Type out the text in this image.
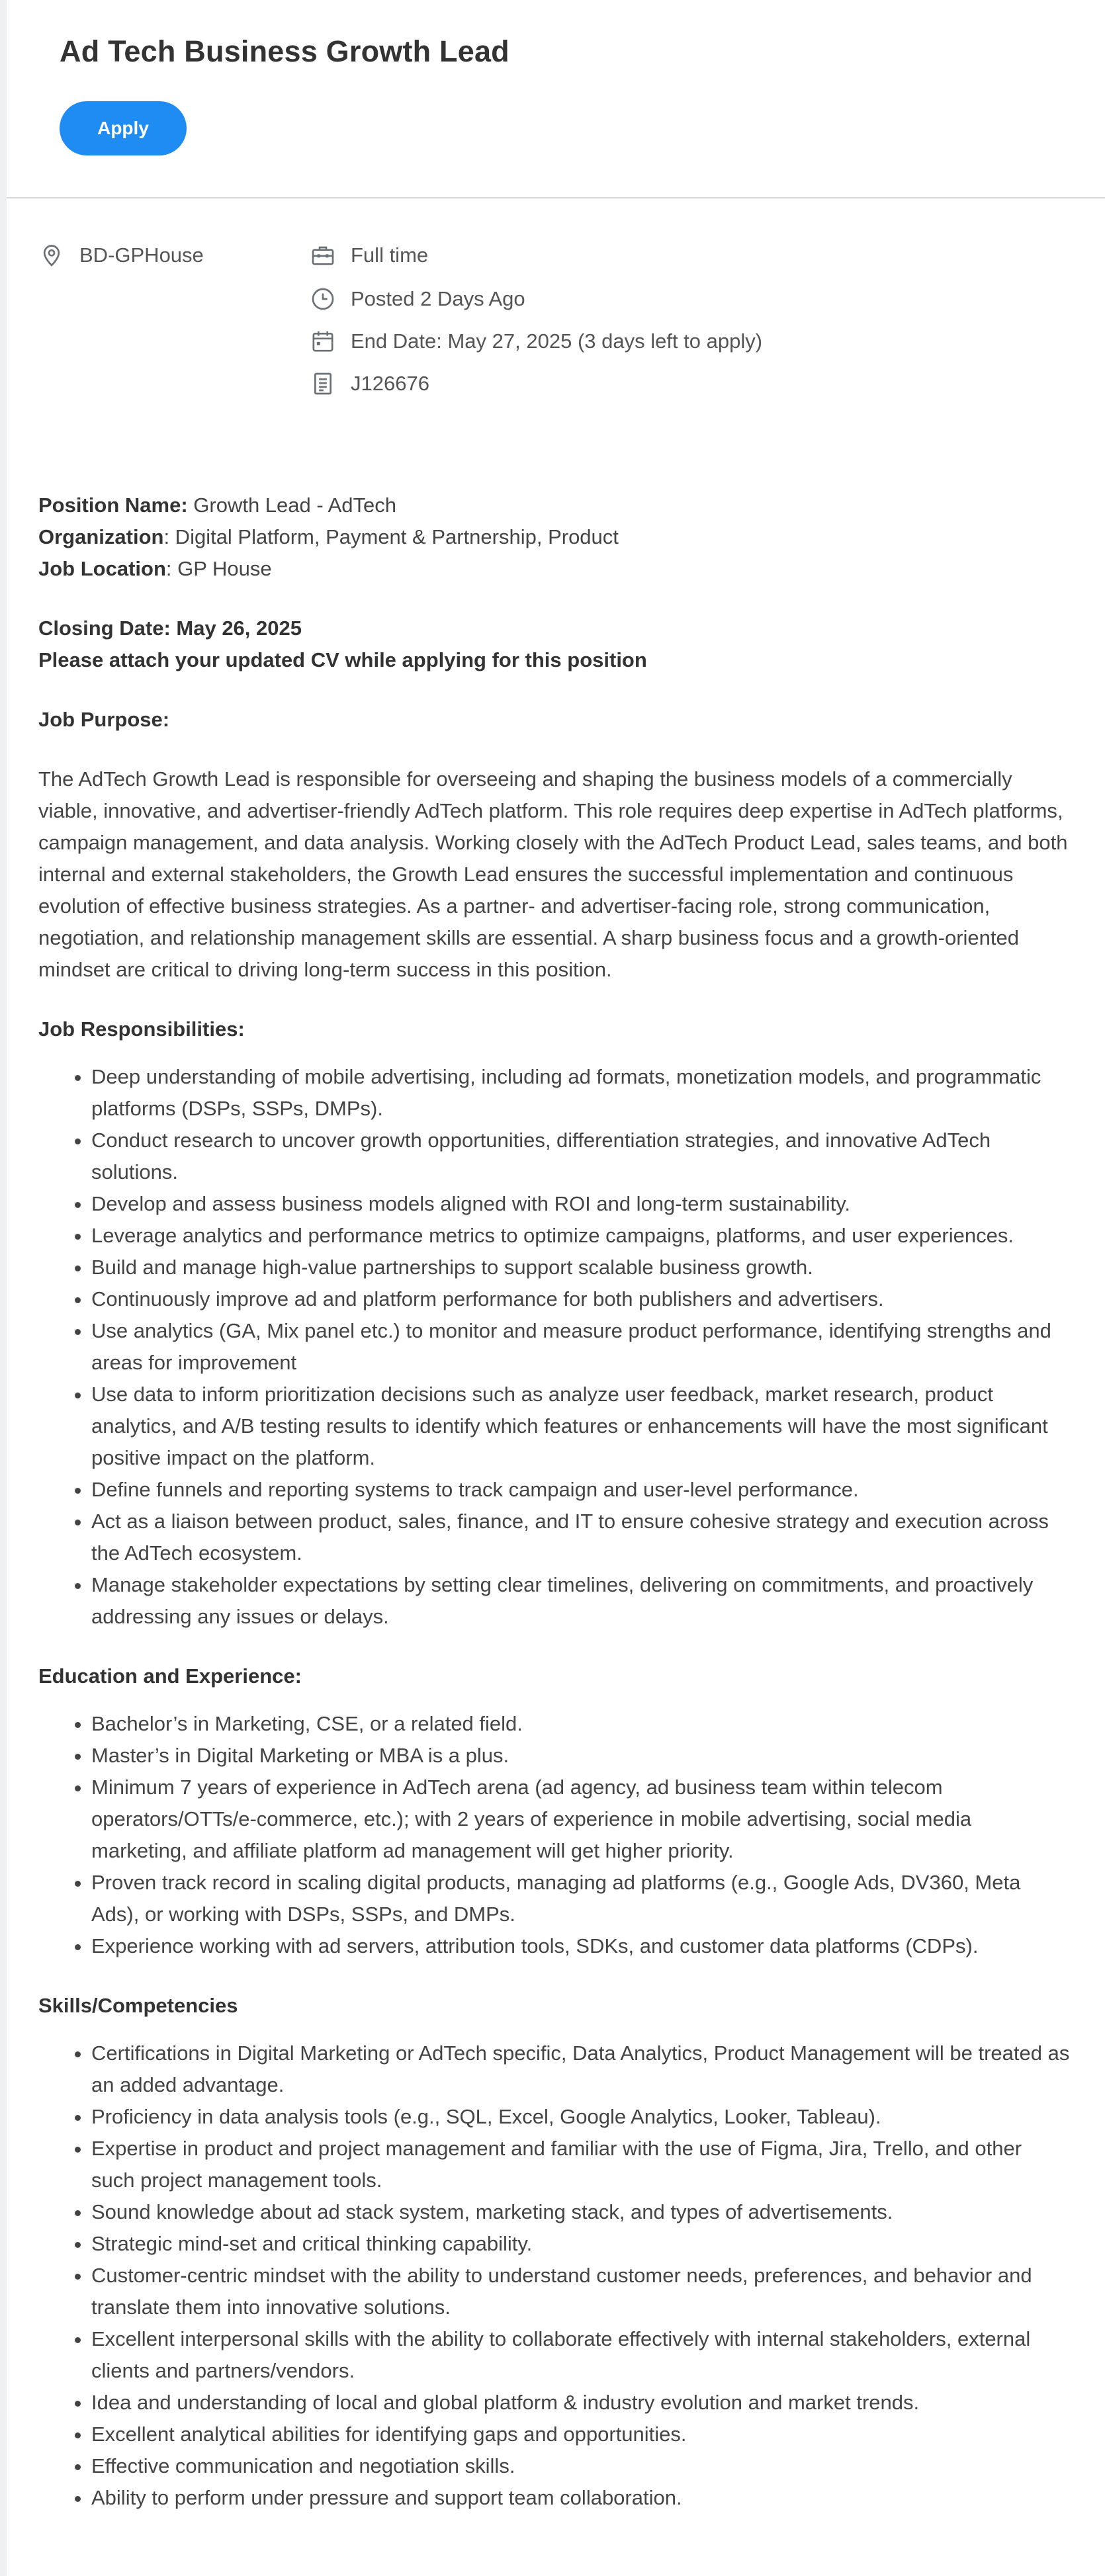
Ad Tech Business Growth Lead
Apply
BD-GPHouse	Full time
Posted 2 Days Ago
End Date: May 27, 2025 (3 days left to apply)
J126676

Position Name: Growth Lead - AdTech

Organization: Digital Platform, Payment & Partnership, Product

Job Location: GP House

Closing Date: May 26, 2025

Please attach your updated CV while applying for this position

Job Purpose:

The AdTech Growth Lead is responsible for overseeing and shaping the business models of a commercially viable, innovative, and advertiser-friendly AdTech platform. This role requires deep expertise in AdTech platforms, campaign management, and data analysis. Working closely with the AdTech Product Lead, sales teams, and both internal and external stakeholders, the Growth Lead ensures the successful implementation and continuous evolution of effective business strategies. As a partner- and advertiser-facing role, strong communication, negotiation, and relationship management skills are essential. A sharp business focus and a growth-oriented mindset are critical to driving long-term success in this position.

Job Responsibilities:

• Deep understanding of mobile advertising, including ad formats, monetization models, and programmatic platforms (DSPs, SSPs, DMPs).
• Conduct research to uncover growth opportunities, differentiation strategies, and innovative AdTech solutions.
• Develop and assess business models aligned with ROI and long-term sustainability.
• Leverage analytics and performance metrics to optimize campaigns, platforms, and user experiences.
• Build and manage high-value partnerships to support scalable business growth.
• Continuously improve ad and platform performance for both publishers and advertisers.
• Use analytics (GA, Mix panel etc.) to monitor and measure product performance, identifying strengths and areas for improvement
• Use data to inform prioritization decisions such as analyze user feedback, market research, product analytics, and A/B testing results to identify which features or enhancements will have the most significant positive impact on the platform.
• Define funnels and reporting systems to track campaign and user-level performance.
• Act as a liaison between product, sales, finance, and IT to ensure cohesive strategy and execution across the AdTech ecosystem.
• Manage stakeholder expectations by setting clear timelines, delivering on commitments, and proactively addressing any issues or delays.

Education and Experience:

• Bachelor’s in Marketing, CSE, or a related field.
• Master’s in Digital Marketing or MBA is a plus.
• Minimum 7 years of experience in AdTech arena (ad agency, ad business team within telecom operators/OTTs/e-commerce, etc.); with 2 years of experience in mobile advertising, social media marketing, and affiliate platform ad management will get higher priority.
• Proven track record in scaling digital products, managing ad platforms (e.g., Google Ads, DV360, Meta Ads), or working with DSPs, SSPs, and DMPs.
• Experience working with ad servers, attribution tools, SDKs, and customer data platforms (CDPs).

Skills/Competencies

• Certifications in Digital Marketing or AdTech specific, Data Analytics, Product Management will be treated as an added advantage.
• Proficiency in data analysis tools (e.g., SQL, Excel, Google Analytics, Looker, Tableau).
• Expertise in product and project management and familiar with the use of Figma, Jira, Trello, and other such project management tools.
• Sound knowledge about ad stack system, marketing stack, and types of advertisements.
• Strategic mind-set and critical thinking capability.
• Customer-centric mindset with the ability to understand customer needs, preferences, and behavior and translate them into innovative solutions.
• Excellent interpersonal skills with the ability to collaborate effectively with internal stakeholders, external clients and partners/vendors.
• Idea and understanding of local and global platform & industry evolution and market trends.
• Excellent analytical abilities for identifying gaps and opportunities.
• Effective communication and negotiation skills.
• Ability to perform under pressure and support team collaboration.
